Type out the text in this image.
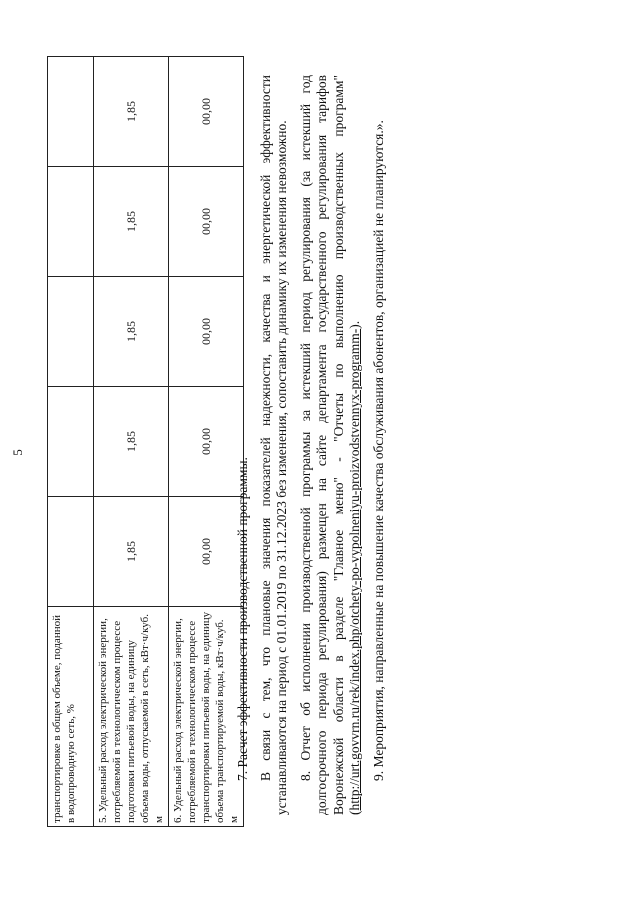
5
транспортировке в общем объеме, поданной в водопроводную сеть, %					
5. Удельный расход электрической энергии, потребляемой в технологическом процессе подготовки питьевой воды, на единицу объема воды, отпускаемой в сеть, кВт·ч/куб. м	1,85	1,85	1,85	1,85	1,85
6. Удельный расход электрической энергии, потребляемой в технологическом процессе транспортировки питьевой воды, на единицу объема транспортируемой воды, кВт·ч/куб. м	00,00	00,00	00,00	00,00	00,00

7. Расчет эффективности производственной программы. В связи с тем, что плановые значения показателей надежности, качества и энергетической эффективности устанавливаются на период с 01.01.2019 по 31.12.2023 без изменения, сопоставить динамику их изменения невозможно. 8. Отчет об исполнении производственной программы за истекший период регулирования (за истекший год долгосрочного периода регулирования) размещен на сайте департамента государственного регулирования тарифов Воронежской области в разделе "Главное меню" - "Отчеты по выполнению производственных программ" (http://urt.govvrn.ru/rek/index.php/otchety-po-vypolneniyu-proizvodstvennyx-programm-). 9. Мероприятия, направленные на повышение качества обслуживания абонентов, организацией не планируются.».
